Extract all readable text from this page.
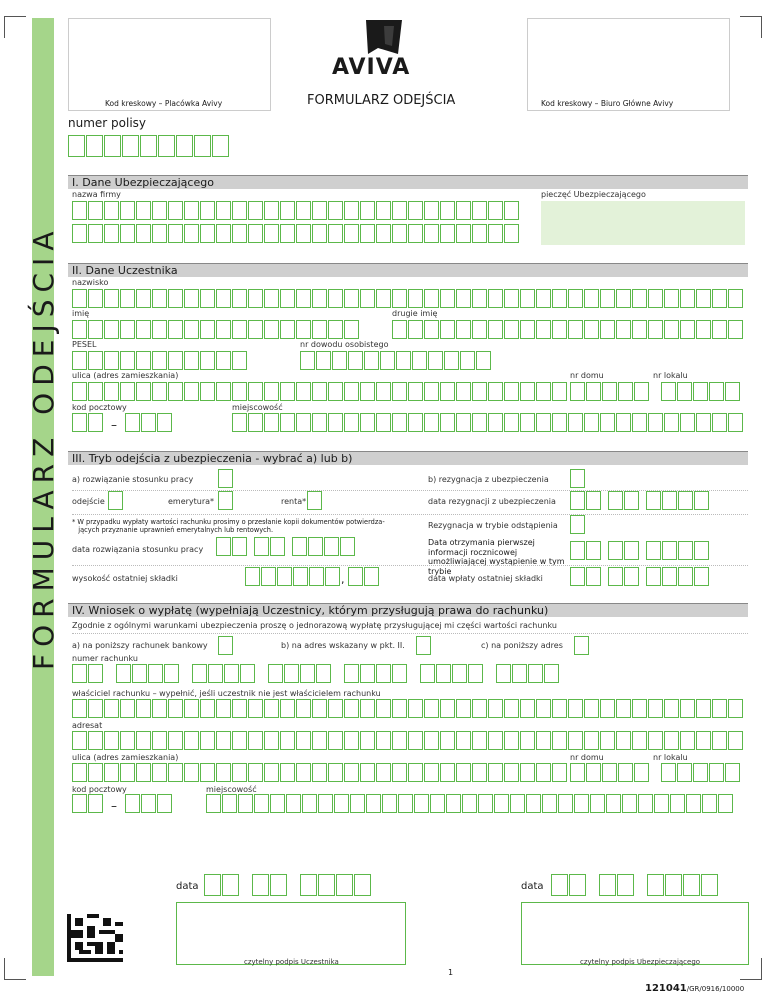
FORMULARZ ODEJŚCIA
Kod kreskowy – Placówka Avivy	Kod kreskowy – Biuro Główne Avivy
AVIVA
FORMULARZ ODEJŚCIA
numer polisy
I. Dane Ubezpieczającego
nazwa firmy	pieczęć Ubezpieczającego
II. Dane Uczestnika
nazwisko
imię	drugie imię
PESEL	nr dowodu osobistego
ulica (adres zamieszkania)	nr domu	nr lokalu
kod pocztowy	miejscowość
–
III. Tryb odejścia z ubezpieczenia - wybrać a) lub b)
a) rozwiązanie stosunku pracy	b) rezygnacja z ubezpieczenia
odejście	emerytura*	renta*	data rezygnacji z ubezpieczenia
* W przypadku wypłaty wartości rachunku prosimy o przesłanie kopii dokumentów potwierdza-
jących przyznanie uprawnień emerytalnych lub rentowych.	Rezygnacja w trybie odstąpienia
data rozwiązania stosunku pracy
Data otrzymania pierwszej informacji rocznicowej umożliwiającej wystąpienie w tym trybie
wysokość ostatniej składki	,	data wpłaty ostatniej składki
IV. Wniosek o wypłatę (wypełniają Uczestnicy, którym przysługują prawa do rachunku)
Zgodnie z ogólnymi warunkami ubezpieczenia proszę o jednorazową wypłatę przysługującej mi części wartości rachunku
a) na poniższy rachunek bankowy	b) na adres wskazany w pkt. II.	c) na poniższy adres
numer rachunku
właściciel rachunku – wypełnić, jeśli uczestnik nie jest właścicielem rachunku
adresat
ulica (adres zamieszkania)	nr domu	nr lokalu
kod pocztowy	miejscowość
–
data
czytelny podpis Uczestnika
data
czytelny podpis Ubezpieczającego
1
121041/GR/0916/10000
